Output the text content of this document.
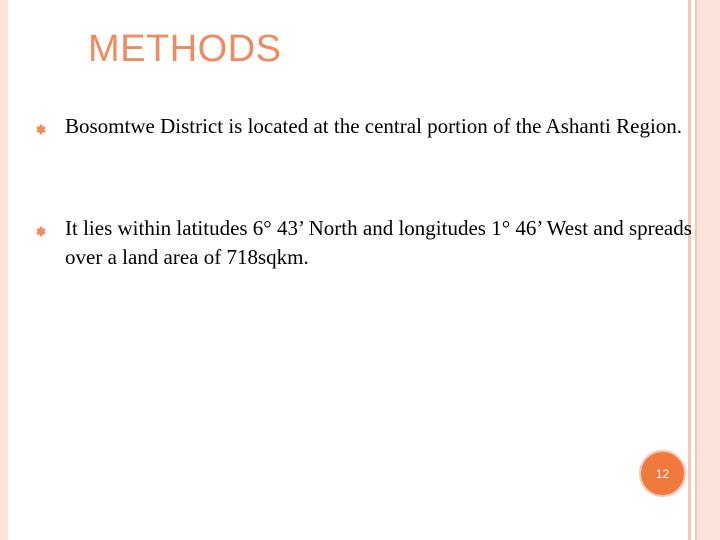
METHODS
Bosomtwe District is located at the central portion of the Ashanti Region.
It lies within latitudes 6° 43’ North and longitudes 1° 46’ West and spreads over a land area of 718sqkm.
12
